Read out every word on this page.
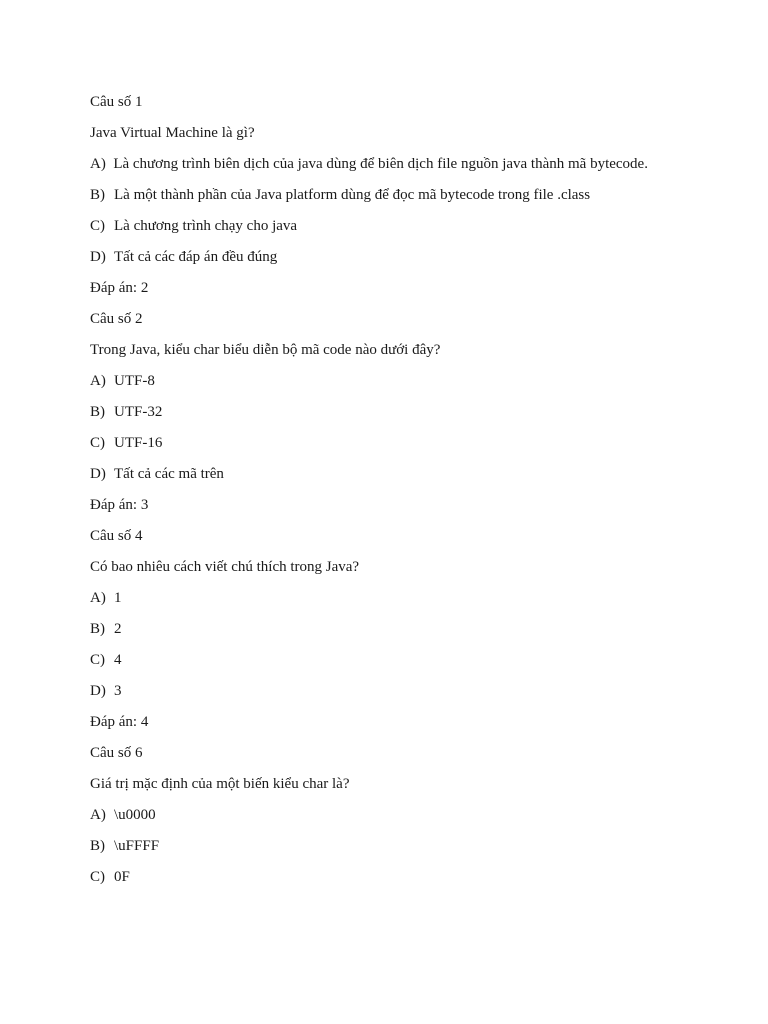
Câu số 1

Java Virtual Machine là gì?

A) Là chương trình biên dịch của java dùng để biên dịch file nguồn java thành mã bytecode.

B) Là một thành phần của Java platform dùng để đọc mã bytecode trong file .class

C) Là chương trình chạy cho java

D) Tất cả các đáp án đều đúng

Đáp án: 2

Câu số 2

Trong Java, kiểu char biểu diễn bộ mã code nào dưới đây?

A) UTF-8

B) UTF-32

C) UTF-16

D) Tất cả các mã trên

Đáp án: 3

Câu số 4

Có bao nhiêu cách viết chú thích trong Java?

A) 1

B) 2

C) 4

D) 3

Đáp án: 4

Câu số 6

Giá trị mặc định của một biến kiểu char là?

A) \u0000

B) \uFFFF

C) 0F
